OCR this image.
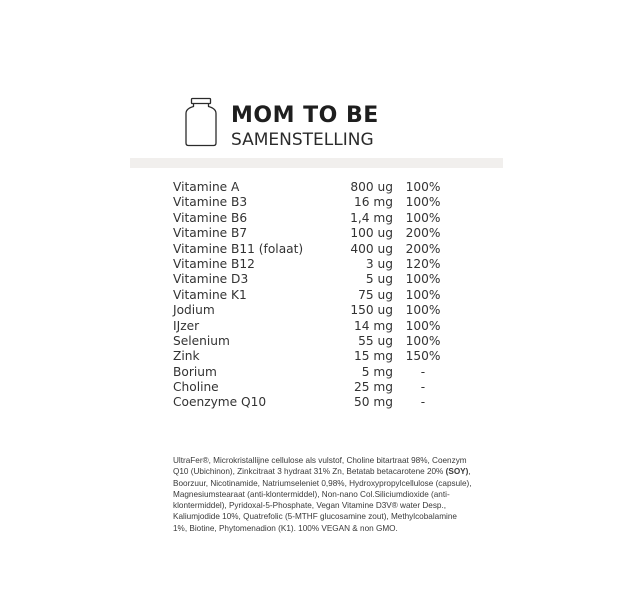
MOM TO BE
SAMENSTELLING
Vitamine A	800 ug	100%
Vitamine B3	16 mg	100%
Vitamine B6	1,4 mg	100%
Vitamine B7	100 ug	200%
Vitamine B11 (folaat)	400 ug	200%
Vitamine B12	3 ug	120%
Vitamine D3	5 ug	100%
Vitamine K1	75 ug	100%
Jodium	150 ug	100%
IJzer	14 mg	100%
Selenium	55 ug	100%
Zink	15 mg	150%
Borium	5 mg	-
Choline	25 mg	-
Coenzyme Q10	50 mg	-

UltraFer®, Microkristallijne cellulose als vulstof, Choline bitartraat 98%, Coenzym Q10 (Ubichinon), Zinkcitraat 3 hydraat 31% Zn, Betatab betacarotene 20% (SOY), Boorzuur, Nicotinamide, Natriumseleniet 0,98%, Hydroxypropylcellulose (capsule), Magnesiumstearaat (anti-klontermiddel), Non-nano Col.Siliciumdioxide (anti-klontermiddel), Pyridoxal-5-Phosphate, Vegan Vitamine D3V® water Desp., Kaliumjodide 10%, Quatrefolic (5-MTHF glucosamine zout), Methylcobalamine 1%, Biotine, Phytomenadion (K1). 100% VEGAN & non GMO.
